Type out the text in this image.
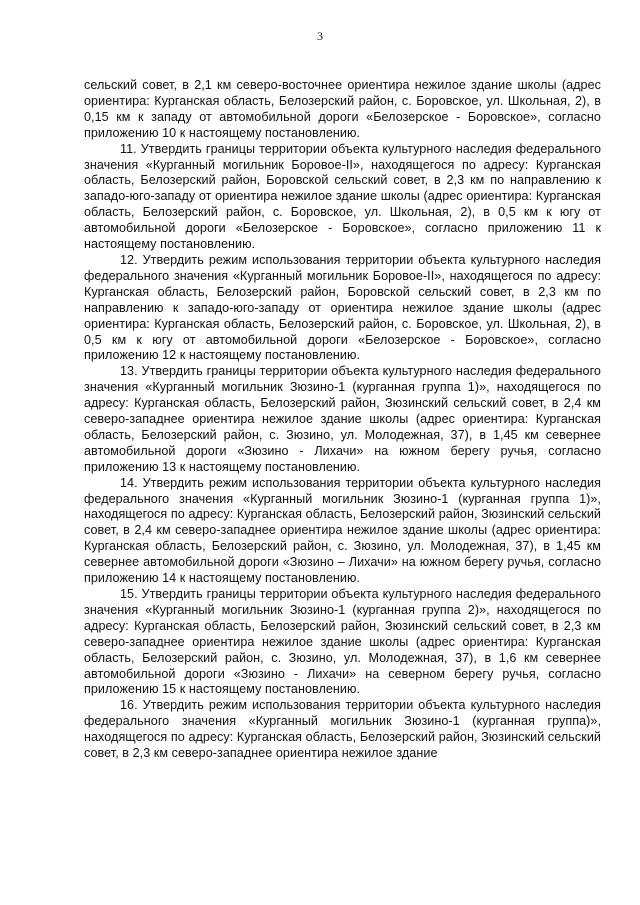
3

сельский совет, в 2,1 км северо-восточнее ориентира нежилое здание школы (адрес ориентира: Курганская область, Белозерский район, с. Боровское, ул. Школьная, 2), в 0,15 км к западу от автомобильной дороги «Белозерское - Боровское», согласно приложению 10 к настоящему постановлению.

11. Утвердить границы территории объекта культурного наследия федерального значения «Курганный могильник Боровое-II», находящегося по адресу: Курганская область, Белозерский район, Боровской сельский совет, в 2,3 км по направлению к западо-юго-западу от ориентира нежилое здание школы (адрес ориентира: Курганская область, Белозерский район, с. Боровское, ул. Школьная, 2), в 0,5 км к югу от автомобильной дороги «Белозерское - Боровское», согласно приложению 11 к настоящему постановлению.

12. Утвердить режим использования территории объекта культурного наследия федерального значения «Курганный могильник Боровое-II», находящегося по адресу: Курганская область, Белозерский район, Боровской сельский совет, в 2,3 км по направлению к западо-юго-западу от ориентира нежилое здание школы (адрес ориентира: Курганская область, Белозерский район, с. Боровское, ул. Школьная, 2), в 0,5 км к югу от автомобильной дороги «Белозерское - Боровское», согласно приложению 12 к настоящему постановлению.

13. Утвердить границы территории объекта культурного наследия федерального значения «Курганный могильник Зюзино-1 (курганная группа 1)», находящегося по адресу: Курганская область, Белозерский район, Зюзинский сельский совет, в 2,4 км северо-западнее ориентира нежилое здание школы (адрес ориентира: Курганская область, Белозерский район, с. Зюзино, ул. Молодежная, 37), в 1,45 км севернее автомобильной дороги «Зюзино - Лихачи» на южном берегу ручья, согласно приложению 13 к настоящему постановлению.

14. Утвердить режим использования территории объекта культурного наследия федерального значения «Курганный могильник Зюзино-1 (курганная группа 1)», находящегося по адресу: Курганская область, Белозерский район, Зюзинский сельский совет, в 2,4 км северо-западнее ориентира нежилое здание школы (адрес ориентира: Курганская область, Белозерский район, с. Зюзино, ул. Молодежная, 37), в 1,45 км севернее автомобильной дороги «Зюзино – Лихачи» на южном берегу ручья, согласно приложению 14 к настоящему постановлению.

15. Утвердить границы территории объекта культурного наследия федерального значения «Курганный могильник Зюзино-1 (курганная группа 2)», находящегося по адресу: Курганская область, Белозерский район, Зюзинский сельский совет, в 2,3 км северо-западнее ориентира нежилое здание школы (адрес ориентира: Курганская область, Белозерский район, с. Зюзино, ул. Молодежная, 37), в 1,6 км севернее автомобильной дороги «Зюзино - Лихачи» на северном берегу ручья, согласно приложению 15 к настоящему постановлению.

16. Утвердить режим использования территории объекта культурного наследия федерального значения «Курганный могильник Зюзино-1 (курганная группа)», находящегося по адресу: Курганская область, Белозерский район, Зюзинский сельский совет, в 2,3 км северо-западнее ориентира нежилое здание
